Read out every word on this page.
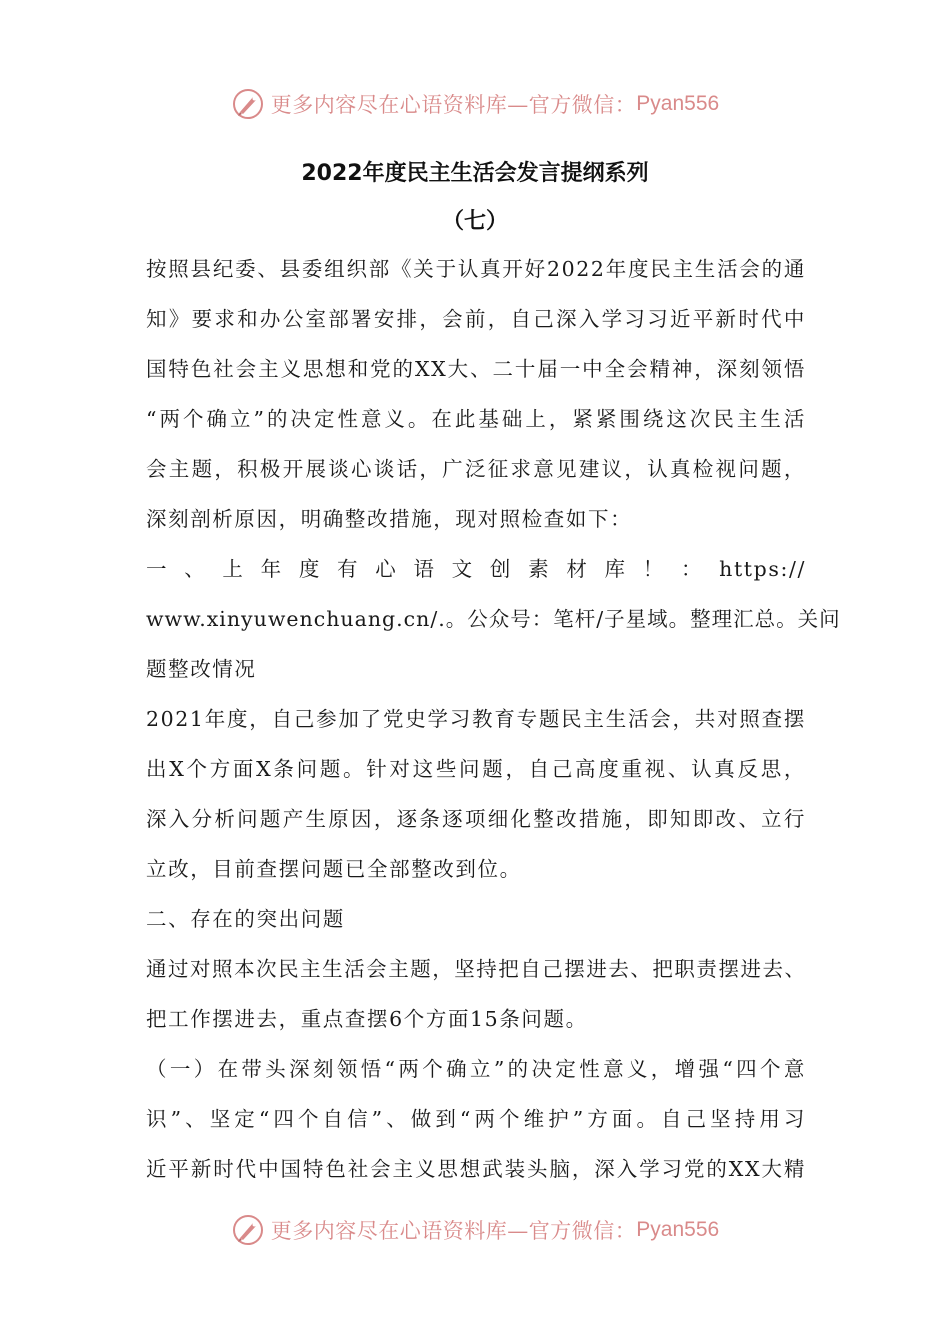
更多内容尽在心语资料库—官方微信： Pyan556
2022年度民主生活会发言提纲系列
（七）
按照县纪委、县委组织部《关于认真开好2022年度民主生活会的通
知》要求和办公室部署安排，会前，自己深入学习习近平新时代中
国特色社会主义思想和党的XX大、二十届一中全会精神，深刻领悟
“两个确立”的决定性意义。在此基础上，紧紧围绕这次民主生活
会主题，积极开展谈心谈话，广泛征求意见建议，认真检视问题，
深刻剖析原因，明确整改措施，现对照检查如下：
一、上年度有心语文创素材库！：https://
www.xinyuwenchuang.cn/.。公众号：笔杆/子星域。整理汇总。关问
题整改情况
2021年度，自己参加了党史学习教育专题民主生活会，共对照查摆
出X个方面X条问题。针对这些问题，自己高度重视、认真反思，
深入分析问题产生原因，逐条逐项细化整改措施，即知即改、立行
立改，目前查摆问题已全部整改到位。
二、存在的突出问题
通过对照本次民主生活会主题，坚持把自己摆进去、把职责摆进去、
把工作摆进去，重点查摆6个方面15条问题。
（一）在带头深刻领悟“两个确立”的决定性意义，增强“四个意
识”、坚定“四个自信”、做到“两个维护”方面。自己坚持用习
近平新时代中国特色社会主义思想武装头脑，深入学习党的XX大精
更多内容尽在心语资料库—官方微信： Pyan556
